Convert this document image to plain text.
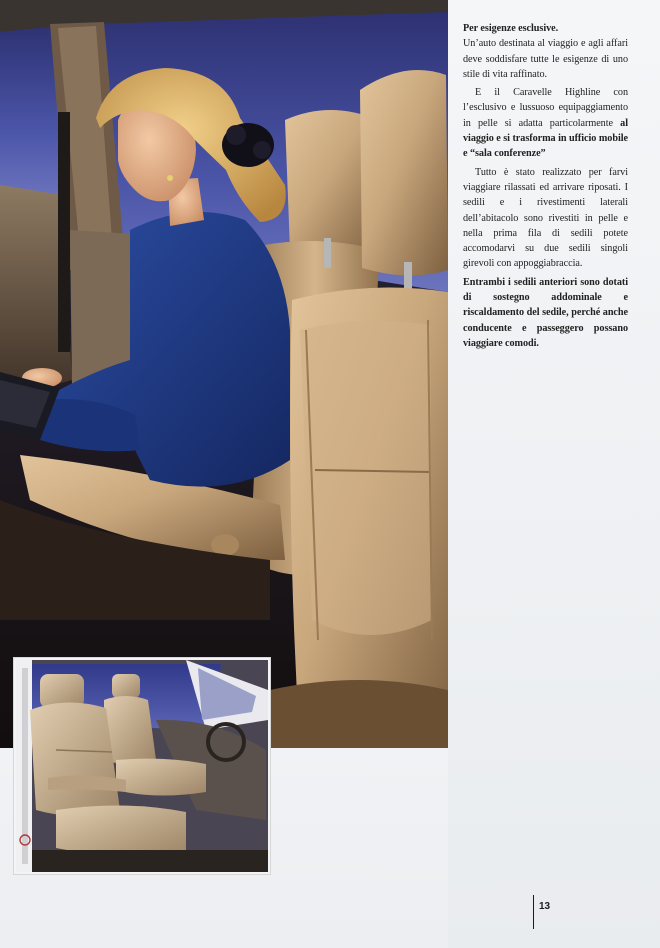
Per esigenze esclusive.
Un’auto destinata al viaggio e agli affari deve soddisfare tutte le esigenze di uno stile di vita raffinato.

E il Caravelle Highline con l’esclusivo e lussuoso equipaggiamento in pelle si adatta particolarmente al viaggio e si trasforma in ufficio mobile e “sala conferenze”

Tutto è stato realizzato per farvi viaggiare rilassati ed arrivare riposati. I sedili e i rivestimenti laterali dell’abitacolo sono rivestiti in pelle e nella prima fila di sedili potete accomodarvi su due sedili singoli girevoli con appoggiabraccia.

Entrambi i sedili anteriori sono dotati di sostegno addominale e riscaldamento del sedile, perché anche conducente e passeggero possano viaggiare comodi.

13
